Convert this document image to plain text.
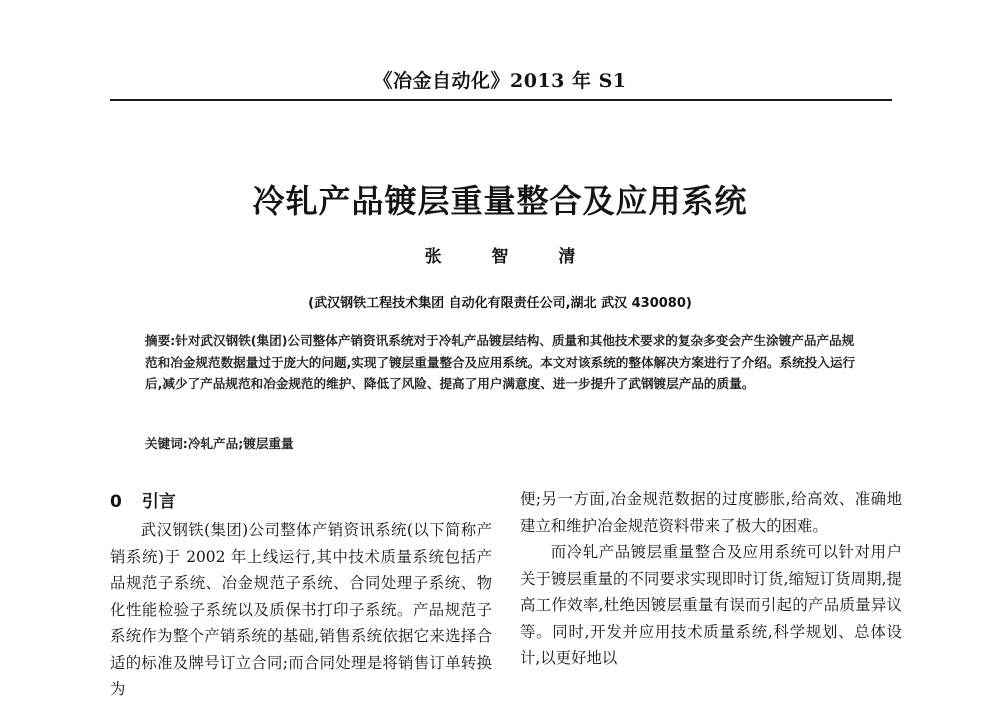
《冶金自动化》2013 年 S1
冷轧产品镀层重量整合及应用系统
张 智 清
(武汉钢铁工程技术集团 自动化有限责任公司,湖北 武汉 430080)
摘要:针对武汉钢铁(集团)公司整体产销资讯系统对于冷轧产品镀层结构、质量和其他技术要求的复杂多变会产生涂镀产品产品规范和冶金规范数据量过于庞大的问题,实现了镀层重量整合及应用系统。本文对该系统的整体解决方案进行了介绍。系统投入运行后,减少了产品规范和冶金规范的维护、降低了风险、提高了用户满意度、进一步提升了武钢镀层产品的质量。
关键词:冷轧产品;镀层重量
0 引言

武汉钢铁(集团)公司整体产销资讯系统(以下简称产销系统)于 2002 年上线运行,其中技术质量系统包括产品规范子系统、冶金规范子系统、合同处理子系统、物化性能检验子系统以及质保书打印子系统。产品规范子系统作为整个产销系统的基础,销售系统依据它来选择合适的标准及牌号订立合同;而合同处理是将销售订单转换为

便;另一方面,冶金规范数据的过度膨胀,给高效、准确地建立和维护冶金规范资料带来了极大的困难。

而冷轧产品镀层重量整合及应用系统可以针对用户关于镀层重量的不同要求实现即时订货,缩短订货周期,提高工作效率,杜绝因镀层重量有误而引起的产品质量异议等。同时,开发并应用技术质量系统,科学规划、总体设计,以更好地以
